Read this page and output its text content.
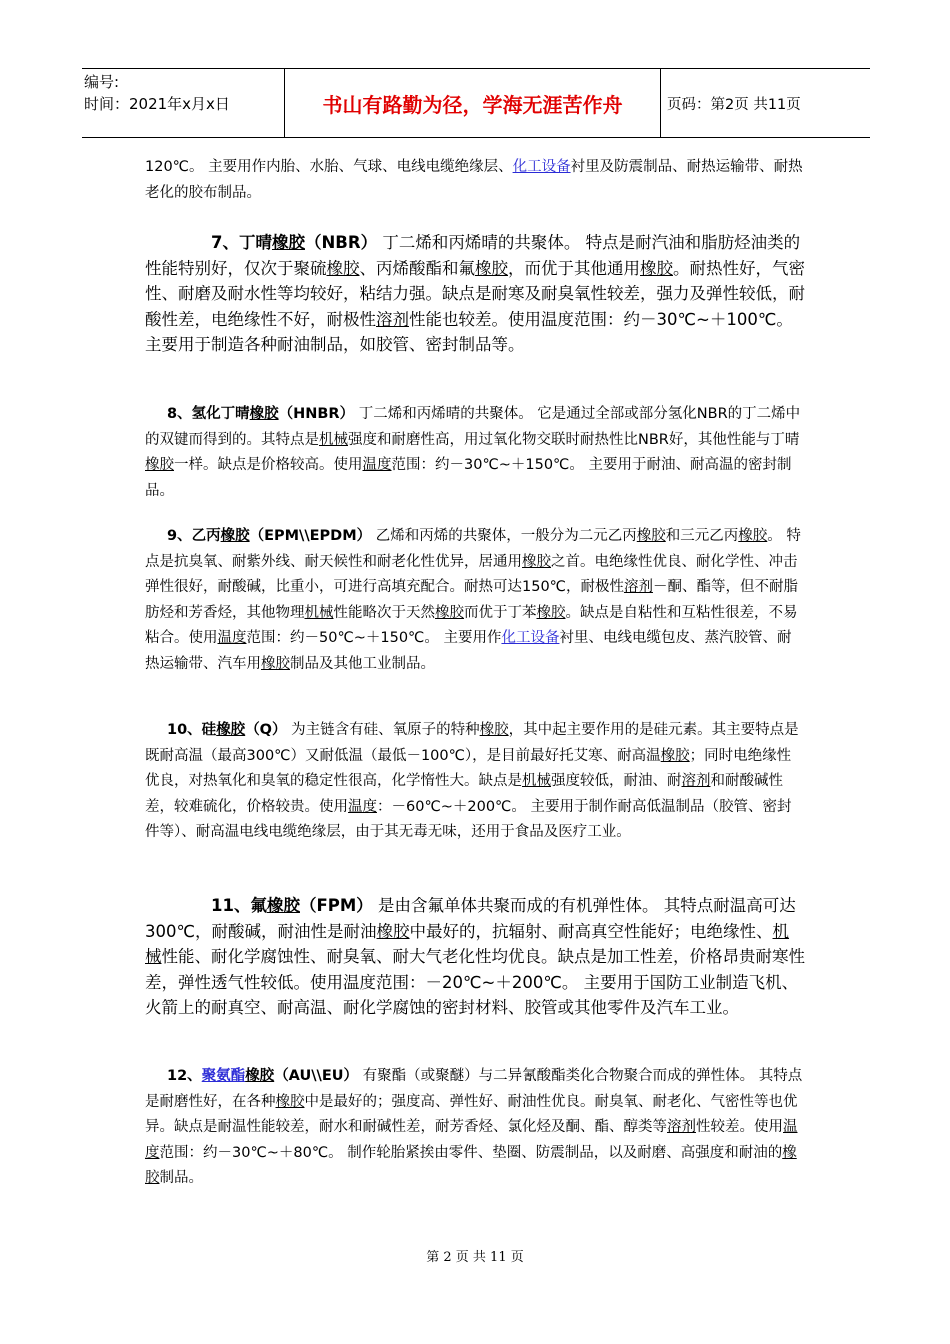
编号:
时间：2021年x月x日	书山有路勤为径，学海无涯苦作舟	页码：第2页 共11页

120℃。 主要用作内胎、水胎、气球、电线电缆绝缘层、化工设备衬里及防震制品、耐热运输带、耐热老化的胶布制品。

7、丁晴橡胶（NBR） 丁二烯和丙烯晴的共聚体。 特点是耐汽油和脂肪烃油类的性能特别好，仅次于聚硫橡胶、丙烯酸酯和氟橡胶，而优于其他通用橡胶。耐热性好，气密性、耐磨及耐水性等均较好，粘结力强。缺点是耐寒及耐臭氧性较差，强力及弹性较低，耐酸性差，电绝缘性不好，耐极性溶剂性能也较差。使用温度范围：约－30℃~＋100℃。 主要用于制造各种耐油制品，如胶管、密封制品等。

8、氢化丁晴橡胶（HNBR） 丁二烯和丙烯晴的共聚体。 它是通过全部或部分氢化NBR的丁二烯中的双键而得到的。其特点是机械强度和耐磨性高，用过氧化物交联时耐热性比NBR好，其他性能与丁晴橡胶一样。缺点是价格较高。使用温度范围：约－30℃~＋150℃。 主要用于耐油、耐高温的密封制品。

9、乙丙橡胶（EPM\\EPDM） 乙烯和丙烯的共聚体，一般分为二元乙丙橡胶和三元乙丙橡胶。 特点是抗臭氧、耐紫外线、耐天候性和耐老化性优异，居通用橡胶之首。电绝缘性优良、耐化学性、冲击弹性很好，耐酸碱，比重小，可进行高填充配合。耐热可达150℃，耐极性溶剂－酮、酯等，但不耐脂肪烃和芳香烃，其他物理机械性能略次于天然橡胶而优于丁苯橡胶。缺点是自粘性和互粘性很差，不易粘合。使用温度范围：约－50℃~＋150℃。 主要用作化工设备衬里、电线电缆包皮、蒸汽胶管、耐热运输带、汽车用橡胶制品及其他工业制品。

10、硅橡胶（Q） 为主链含有硅、氧原子的特种橡胶，其中起主要作用的是硅元素。其主要特点是既耐高温（最高300℃）又耐低温（最低－100℃），是目前最好托艾寒、耐高温橡胶；同时电绝缘性优良，对热氧化和臭氧的稳定性很高，化学惰性大。缺点是机械强度较低，耐油、耐溶剂和耐酸碱性差，较难硫化，价格较贵。使用温度：－60℃~＋200℃。 主要用于制作耐高低温制品（胶管、密封件等）、耐高温电线电缆绝缘层，由于其无毒无味，还用于食品及医疗工业。

11、氟橡胶（FPM） 是由含氟单体共聚而成的有机弹性体。 其特点耐温高可达300℃，耐酸碱，耐油性是耐油橡胶中最好的，抗辐射、耐高真空性能好；电绝缘性、机械性能、耐化学腐蚀性、耐臭氧、耐大气老化性均优良。缺点是加工性差，价格昂贵耐寒性差，弹性透气性较低。使用温度范围：－20℃~＋200℃。 主要用于国防工业制造飞机、火箭上的耐真空、耐高温、耐化学腐蚀的密封材料、胶管或其他零件及汽车工业。

12、聚氨酯橡胶（AU\\EU） 有聚酯（或聚醚）与二异氰酸酯类化合物聚合而成的弹性体。 其特点是耐磨性好，在各种橡胶中是最好的；强度高、弹性好、耐油性优良。耐臭氧、耐老化、气密性等也优异。缺点是耐温性能较差，耐水和耐碱性差，耐芳香烃、氯化烃及酮、酯、醇类等溶剂性较差。使用温度范围：约－30℃~＋80℃。 制作轮胎紧挨由零件、垫圈、防震制品，以及耐磨、高强度和耐油的橡胶制品。

第 2 页 共 11 页
